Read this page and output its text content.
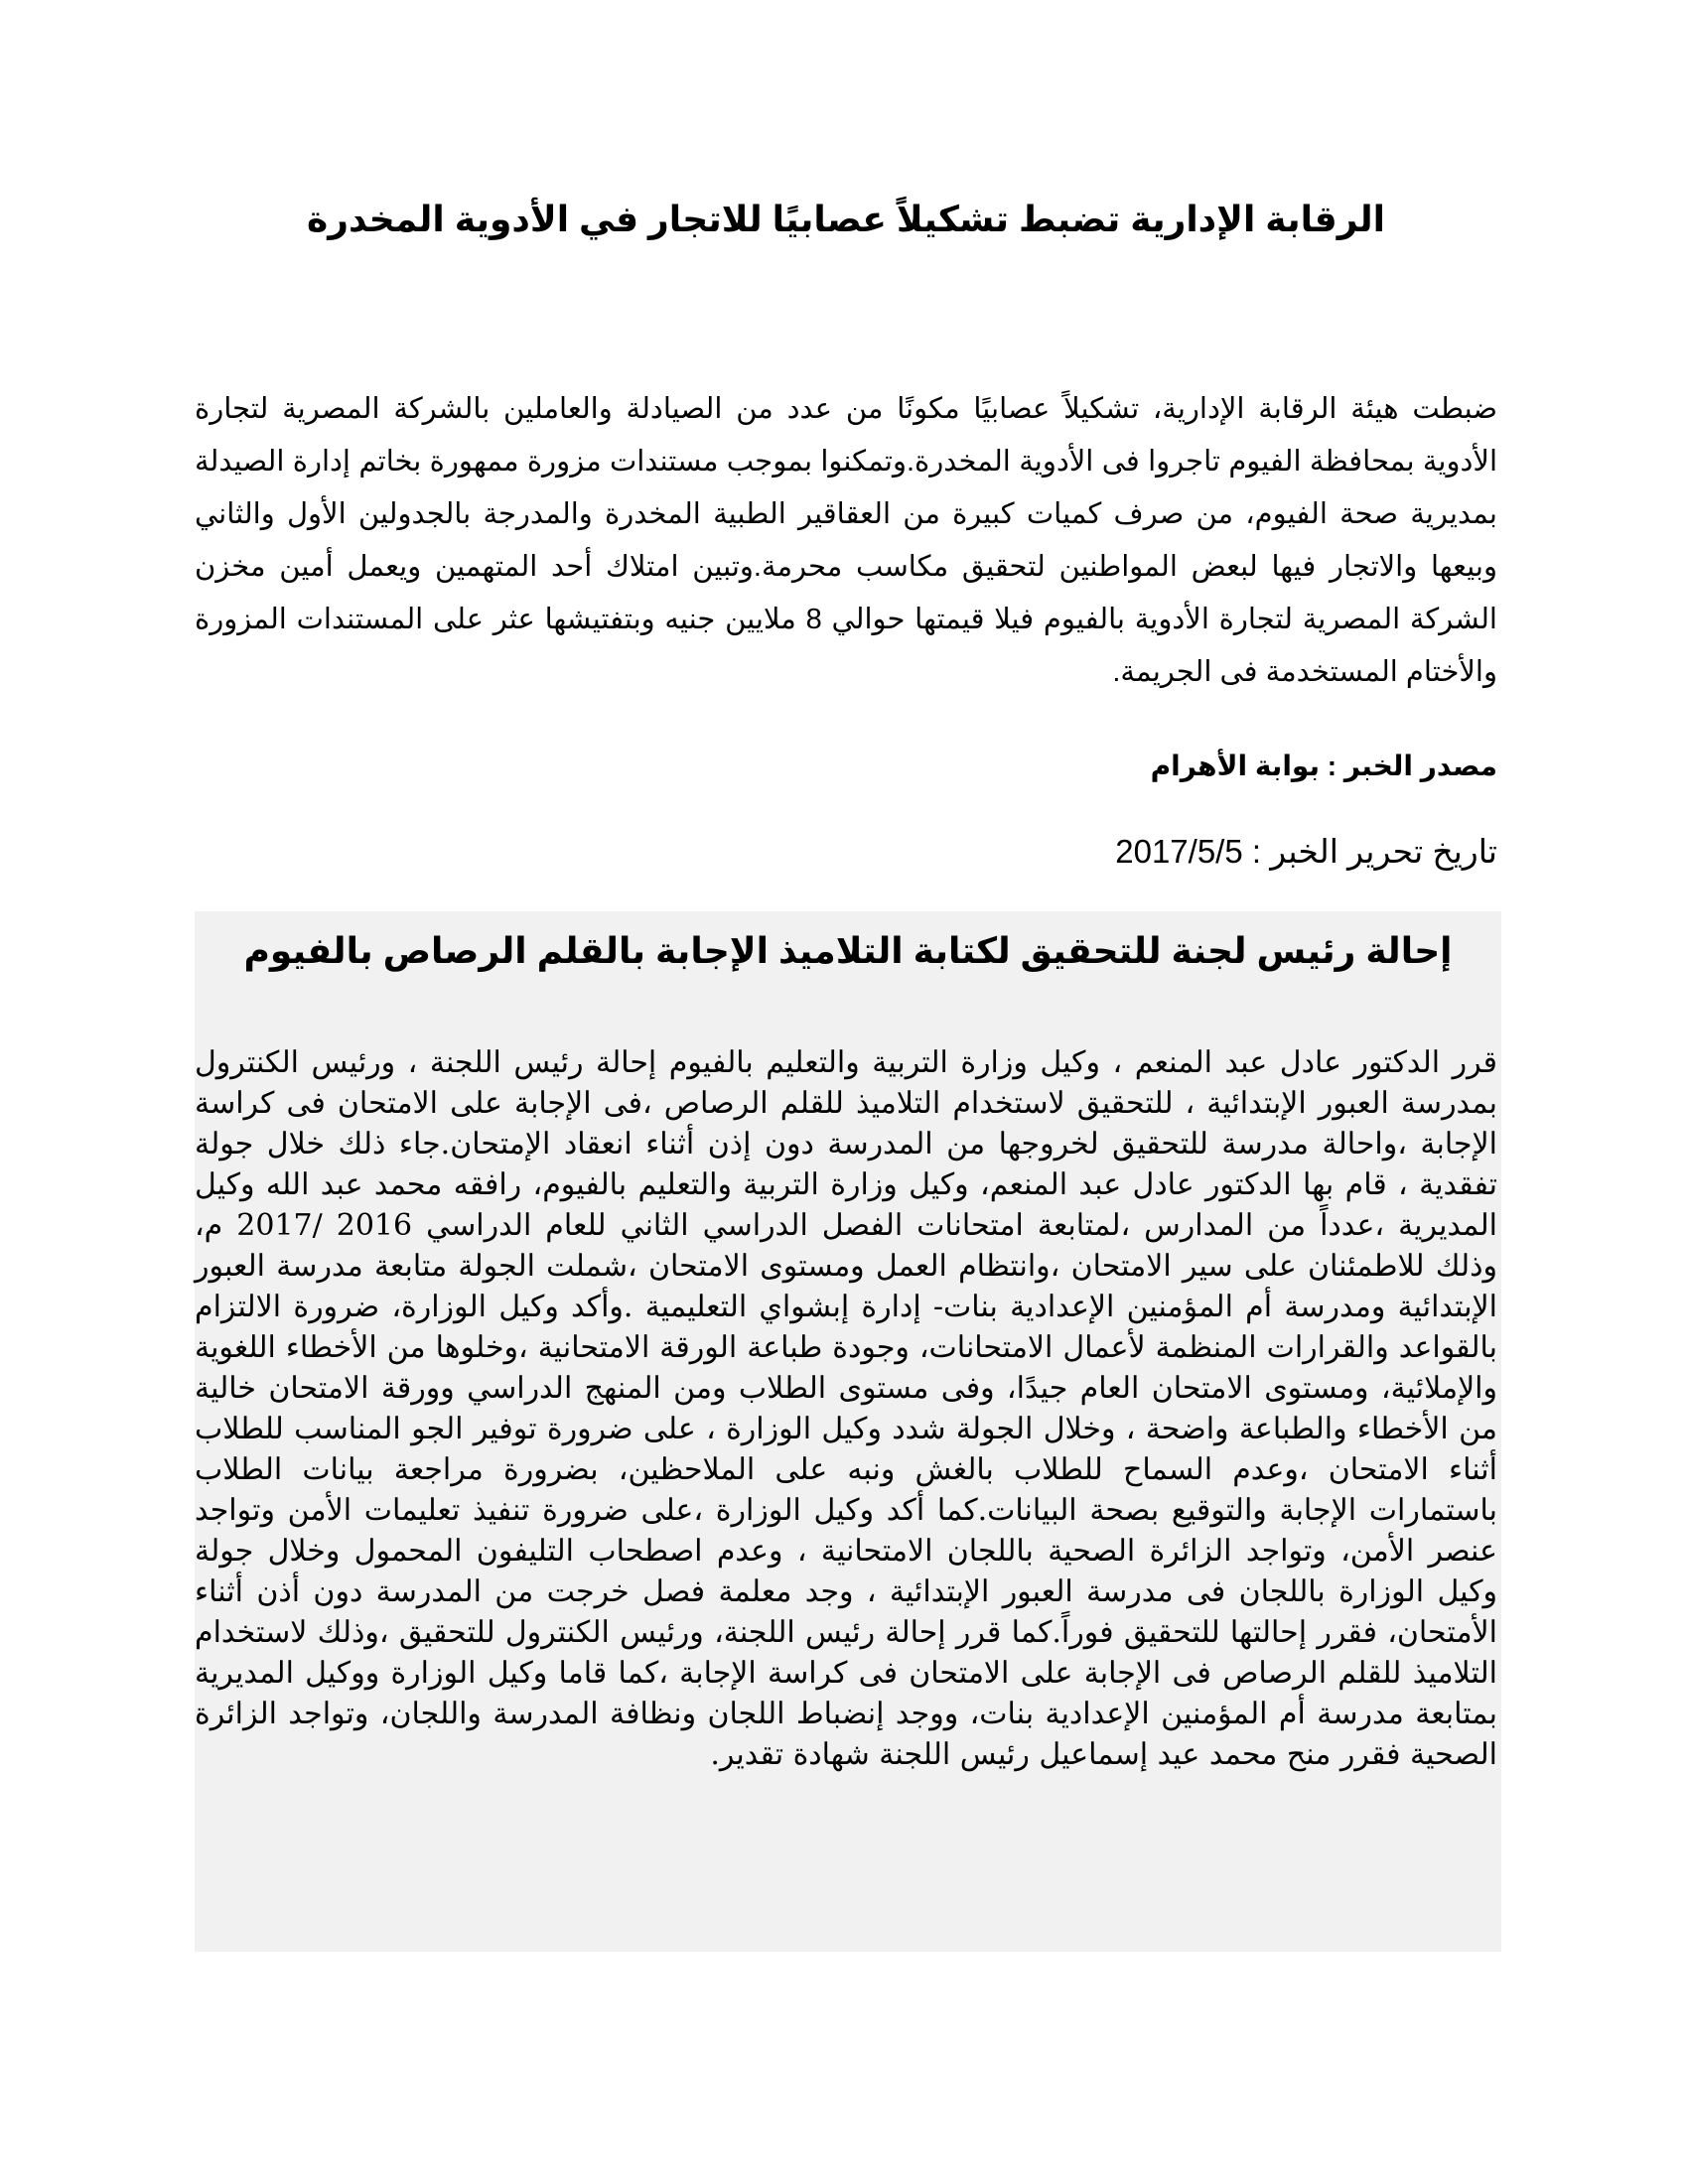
الرقابة الإدارية تضبط تشكيلاً عصابيًا للاتجار في الأدوية المخدرة

ضبطت هيئة الرقابة الإدارية، تشكيلاً عصابيًا مكونًا من عدد من الصيادلة والعاملين بالشركة المصرية لتجارة الأدوية بمحافظة الفيوم تاجروا فى الأدوية المخدرة.وتمكنوا بموجب مستندات مزورة ممهورة بخاتم إدارة الصيدلة بمديرية صحة الفيوم، من صرف كميات كبيرة من العقاقير الطبية المخدرة والمدرجة بالجدولين الأول والثاني وبيعها والاتجار فيها لبعض المواطنين لتحقيق مكاسب محرمة.وتبين امتلاك أحد المتهمين ويعمل أمين مخزن الشركة المصرية لتجارة الأدوية بالفيوم فيلا قيمتها حوالي 8 ملايين جنيه وبتفتيشها عثر على المستندات المزورة والأختام المستخدمة فى الجريمة.

مصدر الخبر : بوابة الأهرام

تاريخ تحرير الخبر : 2017/5/5

إحالة رئيس لجنة للتحقيق لكتابة التلاميذ الإجابة بالقلم الرصاص بالفيوم

قرر الدكتور عادل عبد المنعم ، وكيل وزارة التربية والتعليم بالفيوم إحالة رئيس اللجنة ، ورئيس الكنترول بمدرسة العبور الإبتدائية ، للتحقيق لاستخدام التلاميذ للقلم الرصاص ،فى الإجابة على الامتحان فى كراسة الإجابة ،واحالة مدرسة للتحقيق لخروجها من المدرسة دون إذن أثناء انعقاد الإمتحان.جاء ذلك خلال جولة تفقدية ، قام بها الدكتور عادل عبد المنعم، وكيل وزارة التربية والتعليم بالفيوم، رافقه محمد عبد الله وكيل المديرية ،عدداً من المدارس ،لمتابعة امتحانات الفصل الدراسي الثاني للعام الدراسي 2016 /2017 م، وذلك للاطمئنان على سير الامتحان ،وانتظام العمل ومستوى الامتحان ،شملت الجولة متابعة مدرسة العبور الإبتدائية ومدرسة أم المؤمنين الإعدادية بنات- إدارة إبشواي التعليمية .وأكد وكيل الوزارة، ضرورة الالتزام بالقواعد والقرارات المنظمة لأعمال الامتحانات، وجودة طباعة الورقة الامتحانية ،وخلوها من الأخطاء اللغوية والإملائية، ومستوى الامتحان العام جيدًا، وفى مستوى الطلاب ومن المنهج الدراسي وورقة الامتحان خالية من الأخطاء والطباعة واضحة ، وخلال الجولة شدد وكيل الوزارة ، على ضرورة توفير الجو المناسب للطلاب أثناء الامتحان ،وعدم السماح للطلاب بالغش ونبه على الملاحظين، بضرورة مراجعة بيانات الطلاب باستمارات الإجابة والتوقيع بصحة البيانات.كما أكد وكيل الوزارة ،على ضرورة تنفيذ تعليمات الأمن وتواجد عنصر الأمن، وتواجد الزائرة الصحية باللجان الامتحانية ، وعدم اصطحاب التليفون المحمول وخلال جولة وكيل الوزارة باللجان فى مدرسة العبور الإبتدائية ، وجد معلمة فصل خرجت من المدرسة دون أذن أثناء الأمتحان، فقرر إحالتها للتحقيق فوراً.كما قرر إحالة رئيس اللجنة، ورئيس الكنترول للتحقيق ،وذلك لاستخدام التلاميذ للقلم الرصاص فى الإجابة على الامتحان فى كراسة الإجابة ،كما قاما وكيل الوزارة ووكيل المديرية بمتابعة مدرسة أم المؤمنين الإعدادية بنات، ووجد إنضباط اللجان ونظافة المدرسة واللجان، وتواجد الزائرة الصحية فقرر منح محمد عيد إسماعيل رئيس اللجنة شهادة تقدير.
